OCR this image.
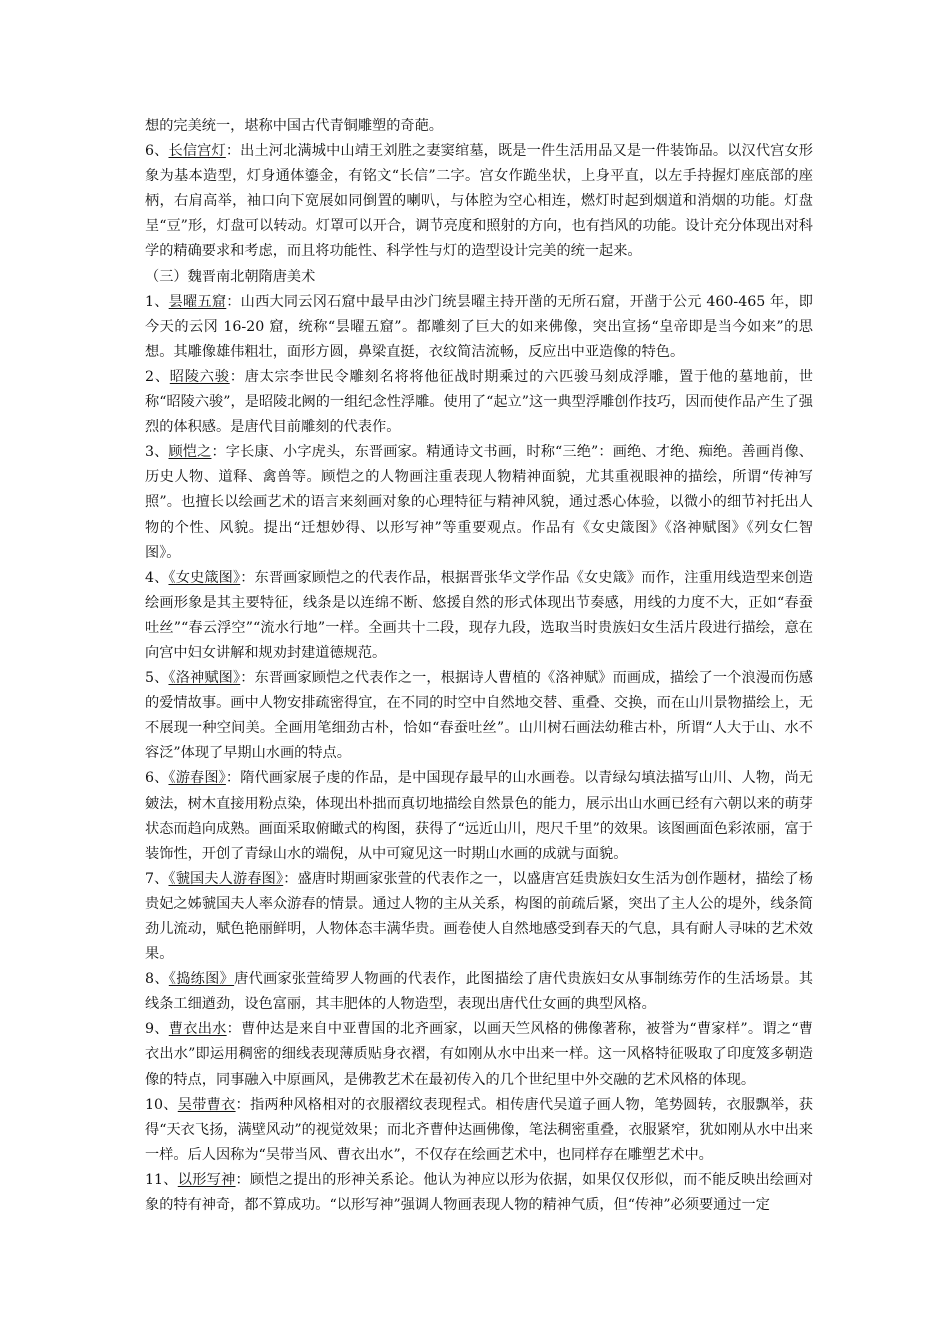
想的完美统一，堪称中国古代青铜雕塑的奇葩。

6、长信宫灯：出土河北满城中山靖王刘胜之妻窦绾墓，既是一件生活用品又是一件装饰品。以汉代宫女形象为基本造型，灯身通体鎏金，有铭文“长信”二字。宫女作跪坐状，上身平直，以左手持握灯座底部的座柄，右肩高举，袖口向下宽展如同倒置的喇叭，与体腔为空心相连，燃灯时起到烟道和消烟的功能。灯盘呈“豆”形，灯盘可以转动。灯罩可以开合，调节亮度和照射的方向，也有挡风的功能。设计充分体现出对科学的精确要求和考虑，而且将功能性、科学性与灯的造型设计完美的统一起来。

（三）魏晋南北朝隋唐美术

1、昙曜五窟：山西大同云冈石窟中最早由沙门统昙曜主持开凿的无所石窟，开凿于公元 460-465 年，即今天的云冈 16-20 窟，统称“昙曜五窟”。都雕刻了巨大的如来佛像，突出宣扬“皇帝即是当今如来”的思想。其雕像雄伟粗壮，面形方圆，鼻梁直挺，衣纹简洁流畅，反应出中亚造像的特色。

2、昭陵六骏：唐太宗李世民令雕刻名将将他征战时期乘过的六匹骏马刻成浮雕，置于他的墓地前，世称“昭陵六骏”，是昭陵北阙的一组纪念性浮雕。使用了“起立”这一典型浮雕创作技巧，因而使作品产生了强烈的体积感。是唐代目前雕刻的代表作。

3、顾恺之：字长康、小字虎头，东晋画家。精通诗文书画，时称“三绝”：画绝、才绝、痴绝。善画肖像、历史人物、道释、禽兽等。顾恺之的人物画注重表现人物精神面貌，尤其重视眼神的描绘，所谓“传神写照”。也擅长以绘画艺术的语言来刻画对象的心理特征与精神风貌，通过悉心体验，以微小的细节衬托出人物的个性、风貌。提出“迁想妙得、以形写神”等重要观点。作品有《女史箴图》《洛神赋图》《列女仁智图》。

4、《女史箴图》：东晋画家顾恺之的代表作品，根据晋张华文学作品《女史箴》而作，注重用线造型来创造绘画形象是其主要特征，线条是以连绵不断、悠援自然的形式体现出节奏感，用线的力度不大，正如“春蚕吐丝”“春云浮空”“流水行地”一样。全画共十二段，现存九段，选取当时贵族妇女生活片段进行描绘，意在向宫中妇女讲解和规劝封建道德规范。

5、《洛神赋图》：东晋画家顾恺之代表作之一，根据诗人曹植的《洛神赋》而画成，描绘了一个浪漫而伤感的爱情故事。画中人物安排疏密得宜，在不同的时空中自然地交替、重叠、交换，而在山川景物描绘上，无不展现一种空间美。全画用笔细劲古朴，恰如“春蚕吐丝”。山川树石画法幼稚古朴，所谓“人大于山、水不容泛”体现了早期山水画的特点。

6、《游春图》：隋代画家展子虔的作品，是中国现存最早的山水画卷。以青绿勾填法描写山川、人物，尚无皴法，树木直接用粉点染，体现出朴拙而真切地描绘自然景色的能力，展示出山水画已经有六朝以来的萌芽状态而趋向成熟。画面采取俯瞰式的构图，获得了“远近山川，咫尺千里”的效果。该图画面色彩浓丽，富于装饰性，开创了青绿山水的端倪，从中可窥见这一时期山水画的成就与面貌。

7、《虢国夫人游春图》：盛唐时期画家张萱的代表作之一，以盛唐宫廷贵族妇女生活为创作题材，描绘了杨贵妃之姊虢国夫人率众游春的情景。通过人物的主从关系，构图的前疏后紧，突出了主人公的堤外，线条简劲儿流动，赋色艳丽鲜明，人物体态丰满华贵。画卷使人自然地感受到春天的气息，具有耐人寻味的艺术效果。

8、《捣练图》唐代画家张萱绮罗人物画的代表作，此图描绘了唐代贵族妇女从事制练劳作的生活场景。其线条工细遒劲，设色富丽，其丰肥体的人物造型，表现出唐代仕女画的典型风格。

9、曹衣出水：曹仲达是来自中亚曹国的北齐画家，以画天竺风格的佛像著称，被誉为“曹家样”。谓之“曹衣出水”即运用稠密的细线表现薄质贴身衣褶，有如刚从水中出来一样。这一风格特征吸取了印度笈多朝造像的特点，同事融入中原画风，是佛教艺术在最初传入的几个世纪里中外交融的艺术风格的体现。

10、吴带曹衣：指两种风格相对的衣服褶纹表现程式。相传唐代吴道子画人物，笔势圆转，衣服飘举，获得“天衣飞扬，满壁风动”的视觉效果；而北齐曹仲达画佛像，笔法稠密重叠，衣服紧窄，犹如刚从水中出来一样。后人因称为“吴带当风、曹衣出水”，不仅存在绘画艺术中，也同样存在雕塑艺术中。

11、以形写神：顾恺之提出的形神关系论。他认为神应以形为依据，如果仅仅形似，而不能反映出绘画对象的特有神奇，都不算成功。“以形写神”强调人物画表现人物的精神气质，但“传神”必须要通过一定
